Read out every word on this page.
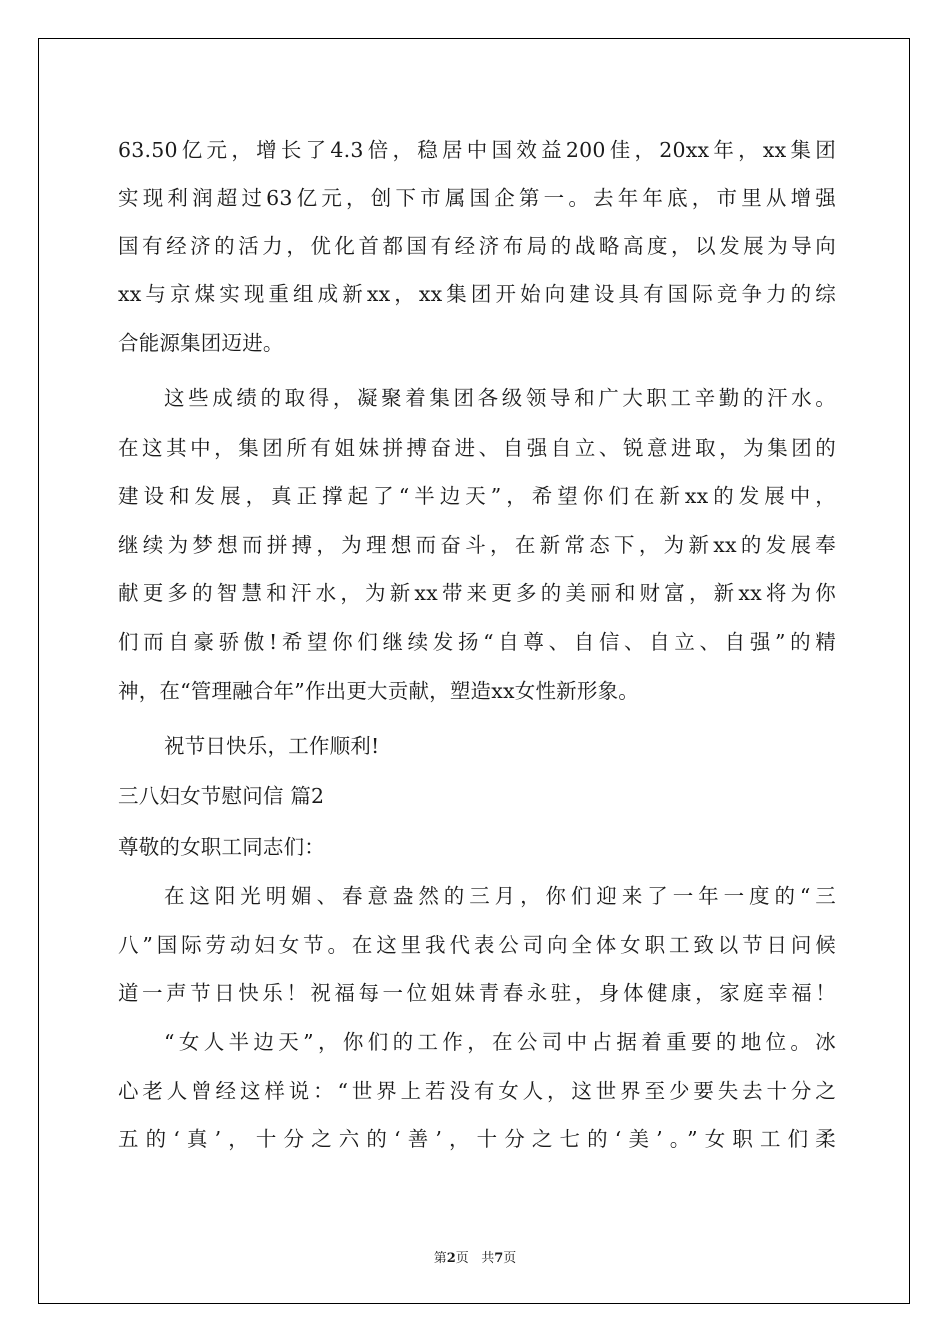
63.50亿元，增长了4.3倍，稳居中国效益200佳，20xx年，xx集团
实现利润超过63亿元，创下市属国企第一。去年年底，市里从增强
国有经济的活力，优化首都国有经济布局的战略高度，以发展为导向
xx与京煤实现重组成新xx，xx集团开始向建设具有国际竞争力的综
合能源集团迈进。
这些成绩的取得，凝聚着集团各级领导和广大职工辛勤的汗水。
在这其中，集团所有姐妹拼搏奋进、自强自立、锐意进取，为集团的
建设和发展，真正撑起了“半边天”，希望你们在新xx的发展中，
继续为梦想而拼搏，为理想而奋斗，在新常态下，为新xx的发展奉
献更多的智慧和汗水，为新xx带来更多的美丽和财富，新xx将为你
们而自豪骄傲!希望你们继续发扬“自尊、自信、自立、自强”的精
神，在“管理融合年”作出更大贡献，塑造xx女性新形象。
祝节日快乐，工作顺利!
三八妇女节慰问信 篇2
尊敬的女职工同志们：
在这阳光明媚、春意盎然的三月，你们迎来了一年一度的“三
八”国际劳动妇女节。在这里我代表公司向全体女职工致以节日问候
道一声节日快乐！祝福每一位姐妹青春永驻，身体健康，家庭幸福！
“女人半边天”，你们的工作，在公司中占据着重要的地位。冰
心老人曾经这样说：“世界上若没有女人，这世界至少要失去十分之
五的‘真’，十分之六的‘善’，十分之七的‘美’。”女职工们柔
第2页 共7页
